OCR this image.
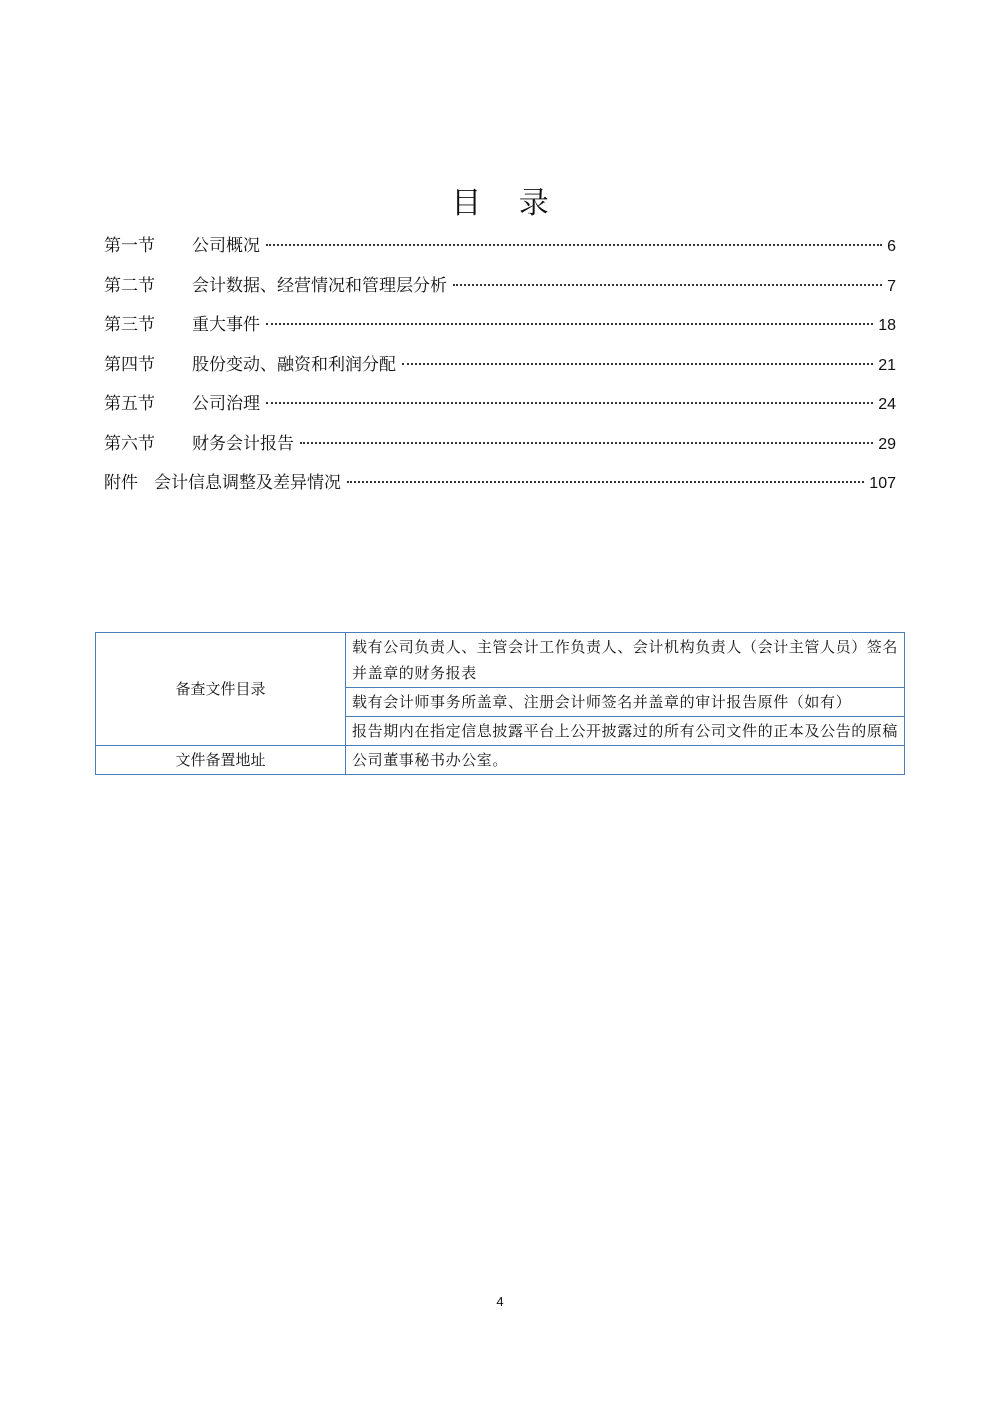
目 录
第一节	公司概况	6
第二节	会计数据、经营情况和管理层分析	7
第三节	重大事件	18
第四节	股份变动、融资和利润分配	21
第五节	公司治理	24
第六节	财务会计报告	29
附件 会计信息调整及差异情况	107
备查文件目录	载有公司负责人、主管会计工作负责人、会计机构负责人（会计主管人员）签名并盖章的财务报表
	载有会计师事务所盖章、注册会计师签名并盖章的审计报告原件（如有）
	报告期内在指定信息披露平台上公开披露过的所有公司文件的正本及公告的原稿
文件备置地址	公司董事秘书办公室。
4
